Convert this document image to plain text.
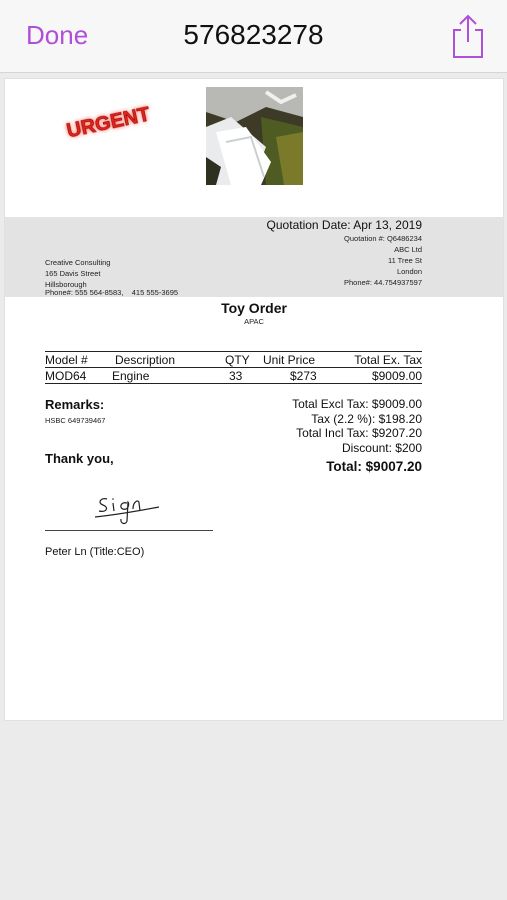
Done	576823278
URGENT
Quotation Date: Apr 13, 2019
Quotation #: Q6486234
ABC Ltd
11 Tree St
London
Phone#: 44.754937597
Creative Consulting
165 Davis Street
Hillsborough
Phone#: 555 564-8583,    415 555-3695
Toy Order
APAC
Model # Description	QTY Unit Price	Total Ex. Tax
MOD64 Engine	33	$273	$9009.00
Remarks:
HSBC 649739467
Thank you,
Total Excl Tax: $9009.00
Tax (2.2 %): $198.20
Total Incl Tax: $9207.20
Discount: $200
Total: $9007.20
Peter Ln (Title:CEO)
